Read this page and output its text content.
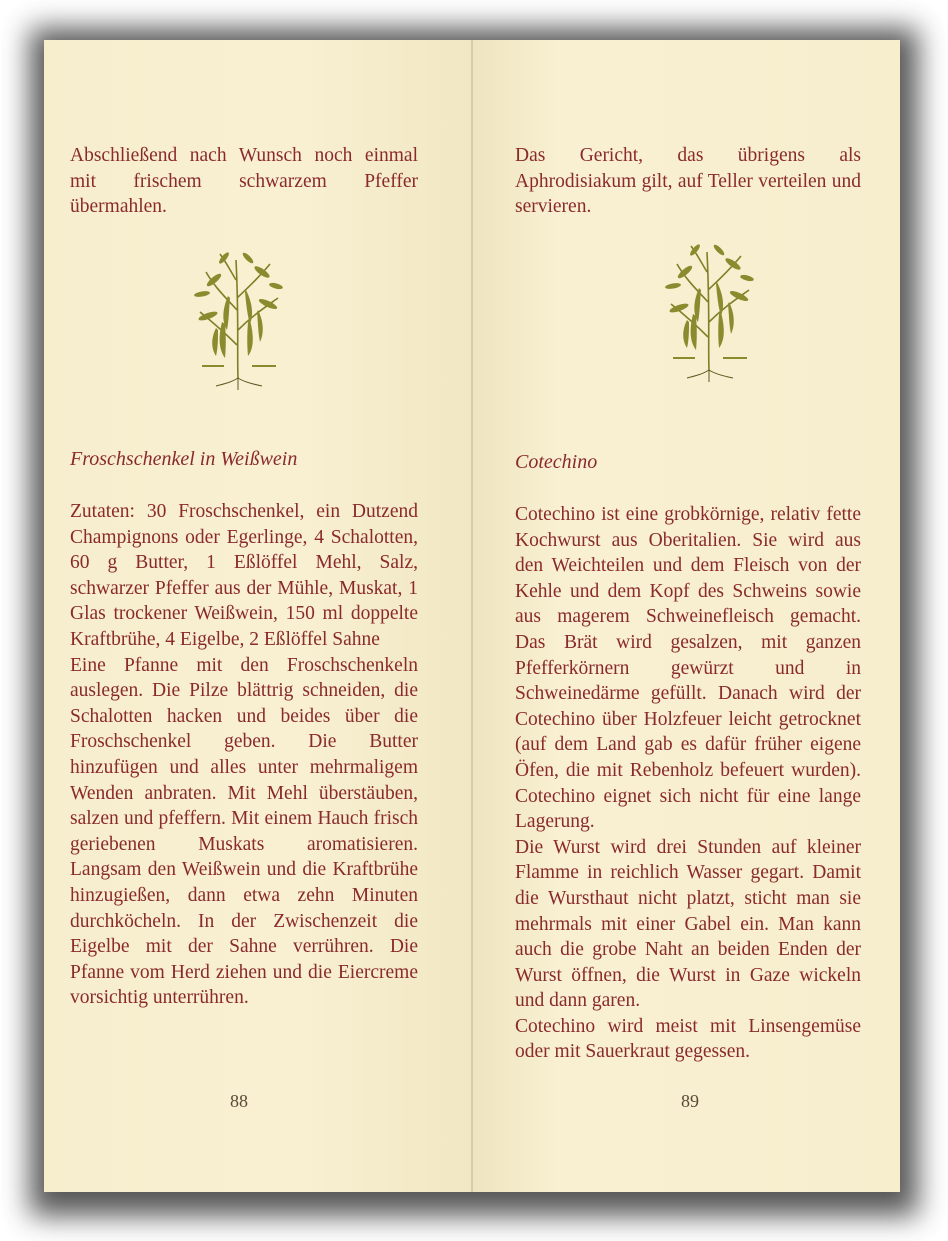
Abschließend nach Wunsch noch einmal mit frischem schwarzem Pfeffer übermahlen.

Froschschenkel in Weißwein

Zutaten: 30 Froschschenkel, ein Dutzend Champignons oder Egerlinge, 4 Schalotten, 60 g Butter, 1 Eßlöffel Mehl, Salz, schwarzer Pfeffer aus der Mühle, Muskat, 1 Glas trockener Weißwein, 150 ml doppelte Kraftbrühe, 4 Eigelbe, 2 Eßlöffel Sahne

Eine Pfanne mit den Froschschenkeln auslegen. Die Pilze blättrig schneiden, die Schalotten hacken und beides über die Froschschenkel geben. Die Butter hinzufügen und alles unter mehrmaligem Wenden anbraten. Mit Mehl überstäuben, salzen und pfeffern. Mit einem Hauch frisch geriebenen Muskats aromatisieren. Langsam den Weißwein und die Kraftbrühe hinzugießen, dann etwa zehn Minuten durchköcheln. In der Zwischenzeit die Eigelbe mit der Sahne verrühren. Die Pfanne vom Herd ziehen und die Eiercreme vorsichtig unterrühren.

88

Das Gericht, das übrigens als Aphrodisiakum gilt, auf Teller verteilen und servieren.

Cotechino

Cotechino ist eine grobkörnige, relativ fette Kochwurst aus Oberitalien. Sie wird aus den Weichteilen und dem Fleisch von der Kehle und dem Kopf des Schweins sowie aus magerem Schweinefleisch gemacht. Das Brät wird gesalzen, mit ganzen Pfefferkörnern gewürzt und in Schweinedärme gefüllt. Danach wird der Cotechino über Holzfeuer leicht getrocknet (auf dem Land gab es dafür früher eigene Öfen, die mit Rebenholz befeuert wurden). Cotechino eignet sich nicht für eine lange Lagerung.

Die Wurst wird drei Stunden auf kleiner Flamme in reichlich Wasser gegart. Damit die Wursthaut nicht platzt, sticht man sie mehrmals mit einer Gabel ein. Man kann auch die grobe Naht an beiden Enden der Wurst öffnen, die Wurst in Gaze wickeln und dann garen.

Cotechino wird meist mit Linsengemüse oder mit Sauerkraut gegessen.

89
